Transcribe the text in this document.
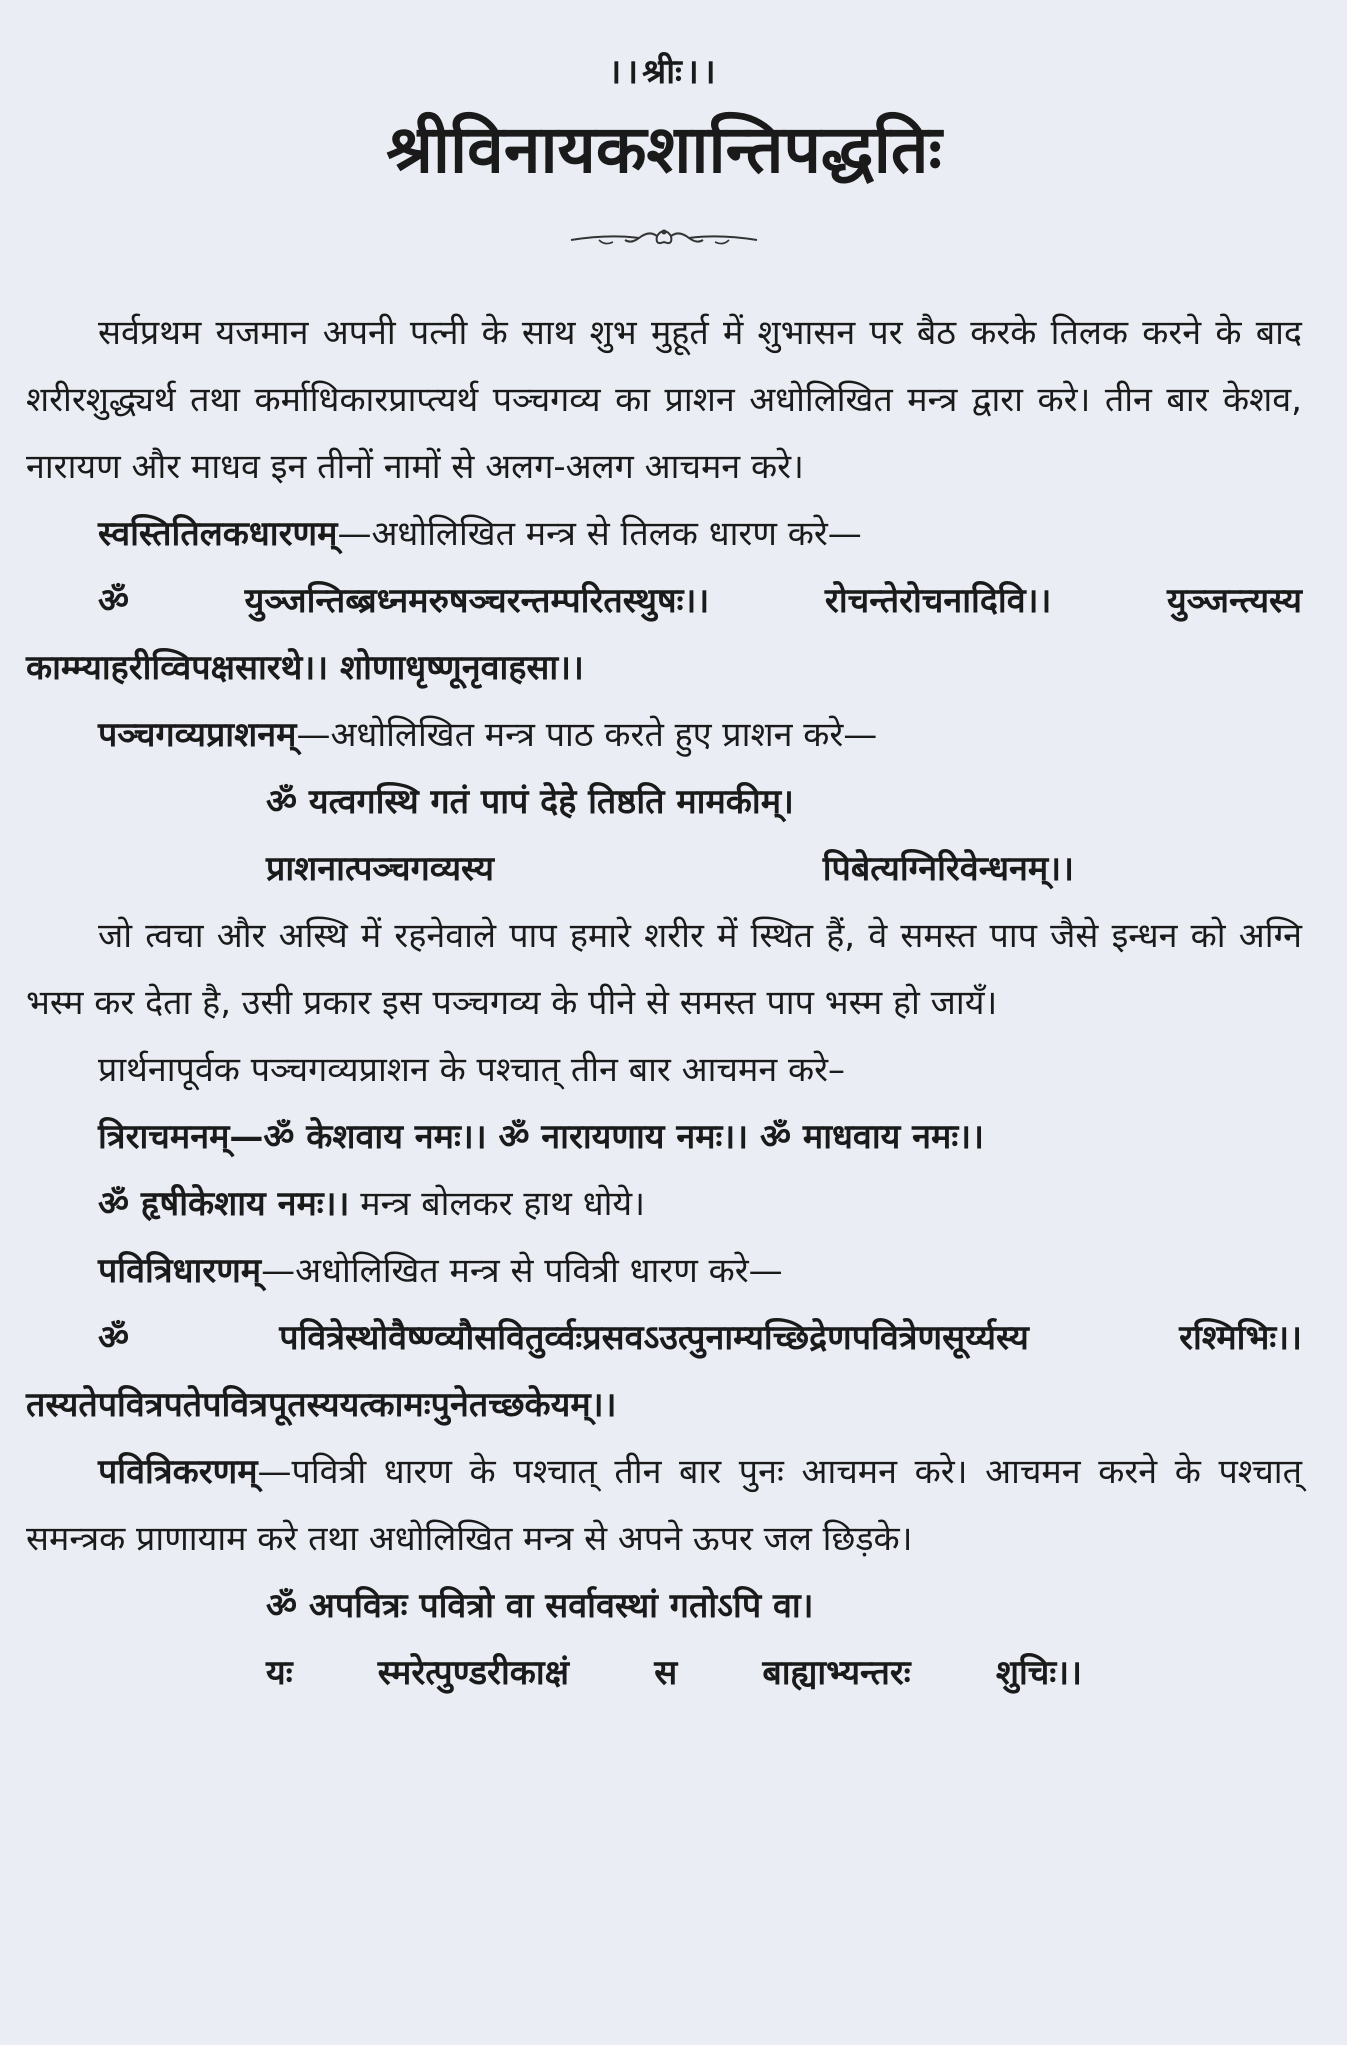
।।श्रीः।।
श्रीविनायकशान्तिपद्धतिः

सर्वप्रथम यजमान अपनी पत्नी के साथ शुभ मुहूर्त में शुभासन पर बैठ करके तिलक करने के बाद शरीरशुद्ध्यर्थ तथा कर्माधिकारप्राप्त्यर्थ पञ्चगव्य का प्राशन अधोलिखित मन्त्र द्वारा करे। तीन बार केशव, नारायण और माधव इन तीनों नामों से अलग-अलग आचमन करे।

स्वस्तितिलकधारणम्—अधोलिखित मन्त्र से तिलक धारण करे—

ॐ युञ्जन्तिब्ब्रध्नमरुषञ्चरन्तम्परितस्थुषः।। रोचन्तेरोचनादिवि।। युञ्जन्त्यस्य काम्म्याहरीव्विपक्षसारथे।। शोणाधृष्णूनृवाहसा।।

पञ्चगव्यप्राशनम्—अधोलिखित मन्त्र पाठ करते हुए प्राशन करे—

ॐ यत्वगस्थि गतं पापं देहे तिष्ठति मामकीम्।
प्राशनात्पञ्चगव्यस्य	पिबेत्यग्निरिवेन्धनम्।।

जो त्वचा और अस्थि में रहनेवाले पाप हमारे शरीर में स्थित हैं, वे समस्त पाप जैसे इन्धन को अग्नि भस्म कर देता है, उसी प्रकार इस पञ्चगव्य के पीने से समस्त पाप भस्म हो जायँ।

प्रार्थनापूर्वक पञ्चगव्यप्राशन के पश्चात् तीन बार आचमन करे–

त्रिराचमनम्—ॐ केशवाय नमः।। ॐ नारायणाय नमः।। ॐ माधवाय नमः।।

ॐ हृषीकेशाय नमः।। मन्त्र बोलकर हाथ धोये।

पवित्रिधारणम्—अधोलिखित मन्त्र से पवित्री धारण करे—

ॐ पवित्रेस्थोवैष्ण्व्यौसवितुर्व्वःप्रसवऽउत्पुनाम्यच्छिद्रेणपवित्रेणसूर्य्यस्य रश्मिभिः।। तस्यतेपवित्रपतेपवित्रपूतस्ययत्कामःपुनेतच्छकेयम्।।

पवित्रिकरणम्—पवित्री धारण के पश्चात् तीन बार पुनः आचमन करे। आचमन करने के पश्चात् समन्त्रक प्राणायाम करे तथा अधोलिखित मन्त्र से अपने ऊपर जल छिड़के।

ॐ अपवित्रः पवित्रो वा सर्वावस्थां गतोऽपि वा।
यः	स्मरेत्पुण्डरीकाक्षं	स	बाह्याभ्यन्तरः	शुचिः।।
